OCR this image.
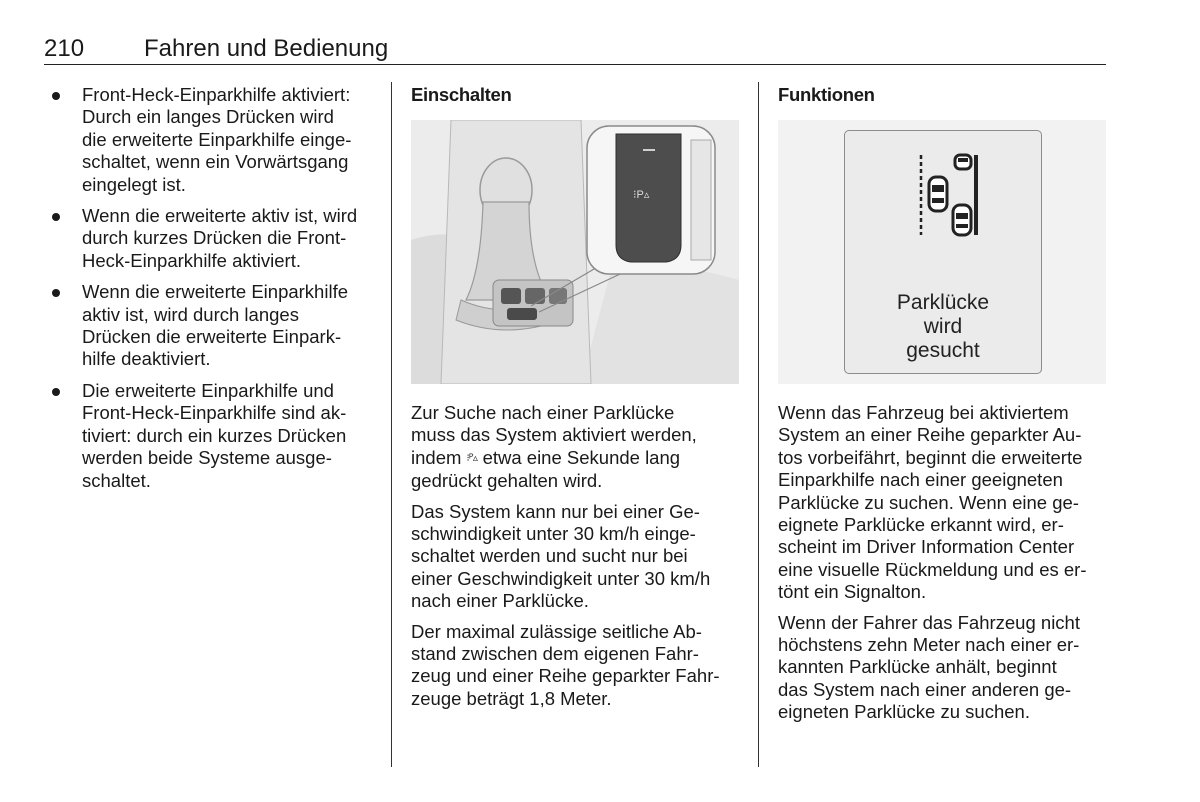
210 Fahren und Bedienung
Front-Heck-Einparkhilfe aktiviert:
Durch ein langes Drücken wird
die erweiterte Einparkhilfe einge-
schaltet, wenn ein Vorwärtsgang
eingelegt ist.
Wenn die erweiterte aktiv ist, wird
durch kurzes Drücken die Front-
Heck-Einparkhilfe aktiviert.
Wenn die erweiterte Einparkhilfe
aktiv ist, wird durch langes
Drücken die erweiterte Einpark-
hilfe deaktiviert.
Die erweiterte Einparkhilfe und
Front-Heck-Einparkhilfe sind ak-
tiviert: durch ein kurzes Drücken
werden beide Systeme ausge-
schaltet.
Einschalten
⁝P▵

Zur Suche nach einer Parklücke
muss das System aktiviert werden,
indem ⁝ᴾ▵ etwa eine Sekunde lang
gedrückt gehalten wird.

Das System kann nur bei einer Ge-
schwindigkeit unter 30 km/h einge-
schaltet werden und sucht nur bei
einer Geschwindigkeit unter 30 km/h
nach einer Parklücke.

Der maximal zulässige seitliche Ab-
stand zwischen dem eigenen Fahr-
zeug und einer Reihe geparkter Fahr-
zeuge beträgt 1,8 Meter.

Funktionen
Parklücke
wird
gesucht

Wenn das Fahrzeug bei aktiviertem
System an einer Reihe geparkter Au-
tos vorbeifährt, beginnt die erweiterte
Einparkhilfe nach einer geeigneten
Parklücke zu suchen. Wenn eine ge-
eignete Parklücke erkannt wird, er-
scheint im Driver Information Center
eine visuelle Rückmeldung und es er-
tönt ein Signalton.

Wenn der Fahrer das Fahrzeug nicht
höchstens zehn Meter nach einer er-
kannten Parklücke anhält, beginnt
das System nach einer anderen ge-
eigneten Parklücke zu suchen.
